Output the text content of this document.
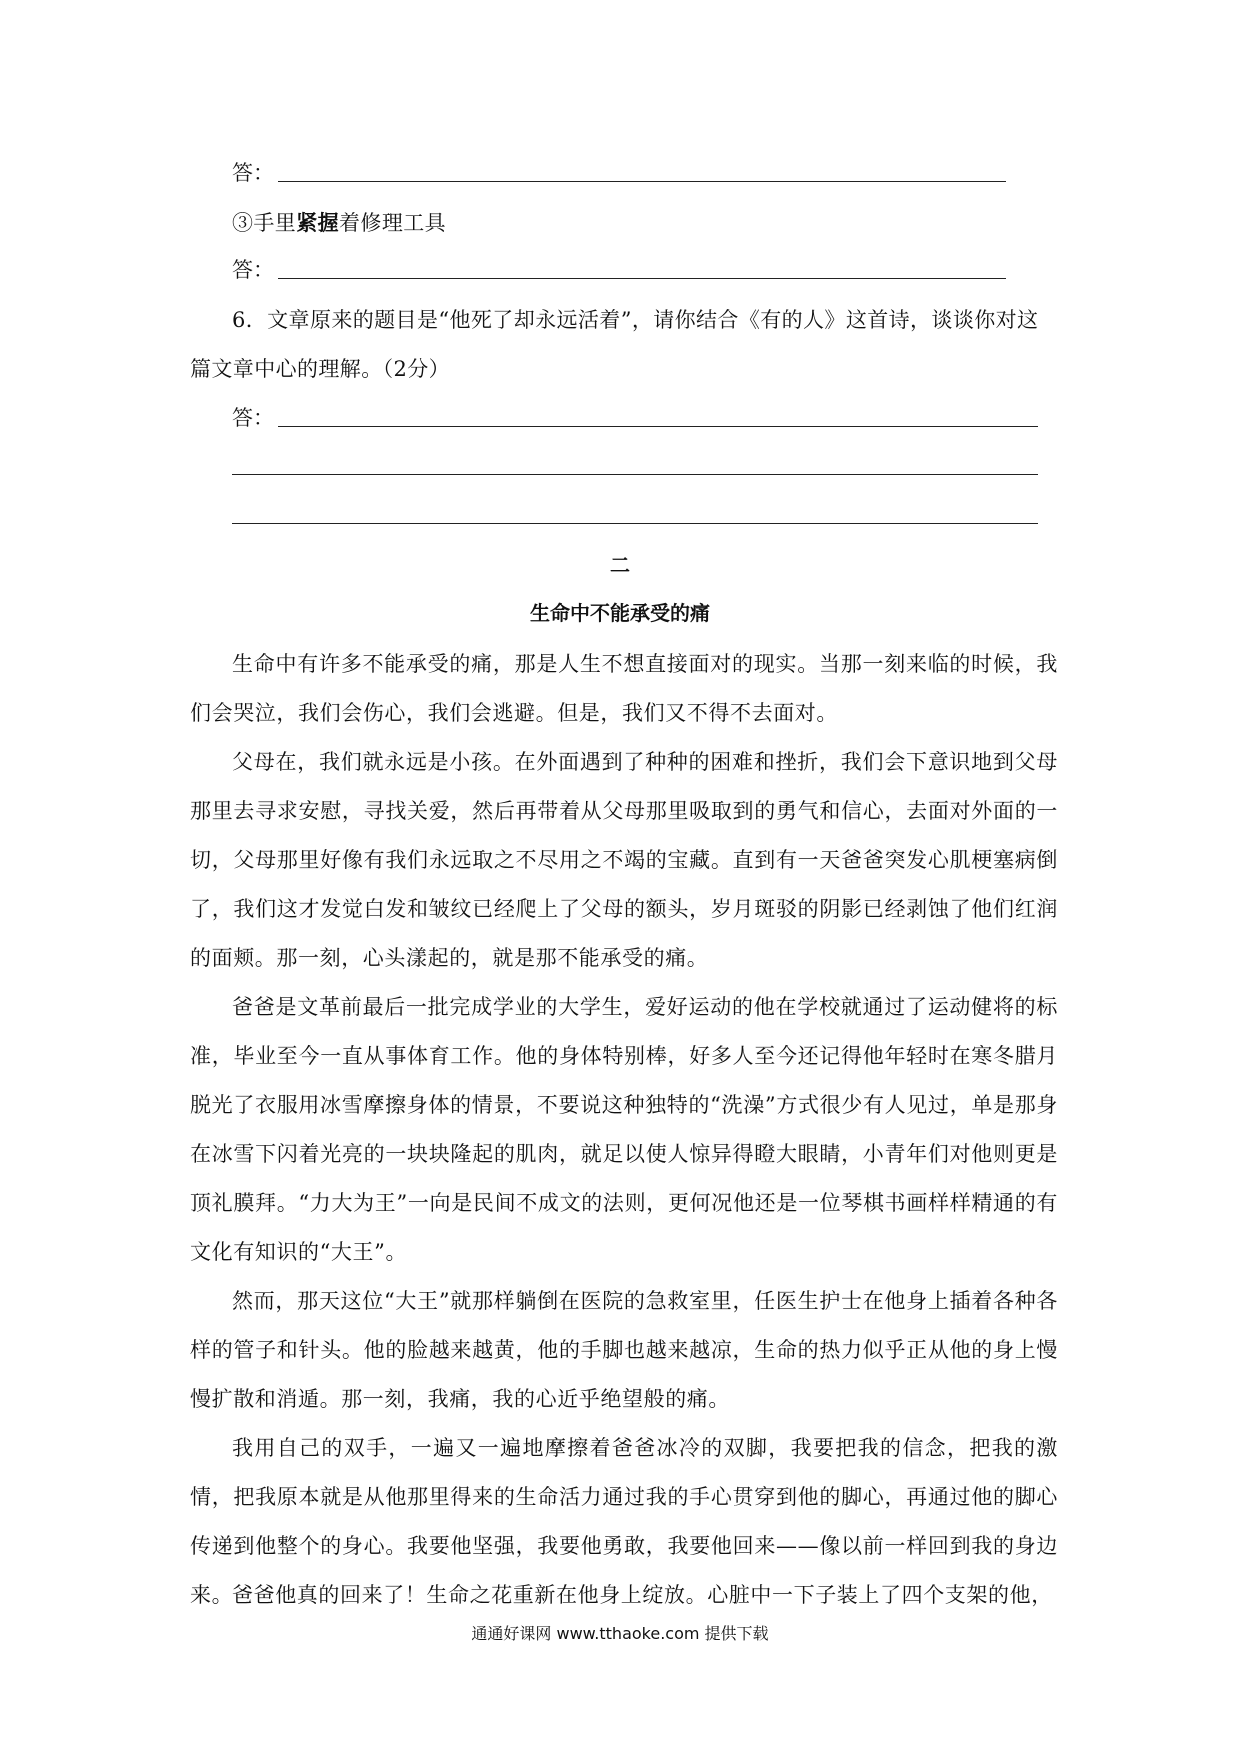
答：
③手里紧握着修理工具
答：
6．文章原来的题目是“他死了却永远活着”，请你结合《有的人》这首诗，谈谈你对这
篇文章中心的理解。（2分）
答：
二
生命中不能承受的痛

生命中有许多不能承受的痛，那是人生不想直接面对的现实。当那一刻来临的时候，我们会哭泣，我们会伤心，我们会逃避。但是，我们又不得不去面对。

父母在，我们就永远是小孩。在外面遇到了种种的困难和挫折，我们会下意识地到父母那里去寻求安慰，寻找关爱，然后再带着从父母那里吸取到的勇气和信心，去面对外面的一切，父母那里好像有我们永远取之不尽用之不竭的宝藏。直到有一天爸爸突发心肌梗塞病倒了，我们这才发觉白发和皱纹已经爬上了父母的额头，岁月斑驳的阴影已经剥蚀了他们红润的面颊。那一刻，心头漾起的，就是那不能承受的痛。

爸爸是文革前最后一批完成学业的大学生，爱好运动的他在学校就通过了运动健将的标准，毕业至今一直从事体育工作。他的身体特别棒，好多人至今还记得他年轻时在寒冬腊月脱光了衣服用冰雪摩擦身体的情景，不要说这种独特的“洗澡”方式很少有人见过，单是那身在冰雪下闪着光亮的一块块隆起的肌肉，就足以使人惊异得瞪大眼睛，小青年们对他则更是顶礼膜拜。“力大为王”一向是民间不成文的法则，更何况他还是一位琴棋书画样样精通的有文化有知识的“大王”。

然而，那天这位“大王”就那样躺倒在医院的急救室里，任医生护士在他身上插着各种各样的管子和针头。他的脸越来越黄，他的手脚也越来越凉，生命的热力似乎正从他的身上慢慢扩散和消遁。那一刻，我痛，我的心近乎绝望般的痛。

我用自己的双手，一遍又一遍地摩擦着爸爸冰冷的双脚，我要把我的信念，把我的激情，把我原本就是从他那里得来的生命活力通过我的手心贯穿到他的脚心，再通过他的脚心传递到他整个的身心。我要他坚强，我要他勇敢，我要他回来——像以前一样回到我的身边来。

爸爸他真的回来了！生命之花重新在他身上绽放。心脏中一下子装上了四个支架的他，

通通好课网 www.tthaoke.com 提供下载
